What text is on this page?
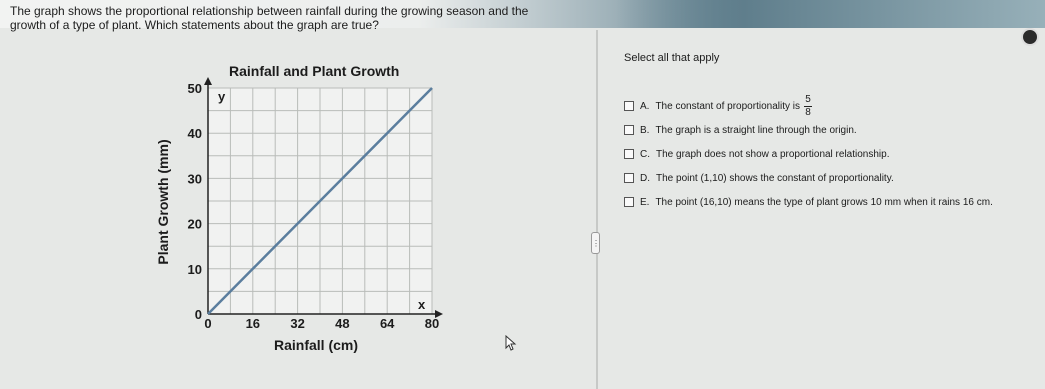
The graph shows the proportional relationship between rainfall during the growing season and the
growth of a type of plant. Which statements about the graph are true?
Rainfall and Plant Growth
0	16 32 48 64 80
0
10
20
30
40
50
Plant Growth (mm)
Rainfall (cm)
y
x
⋮
Select all that apply
A. The constant of proportionality is $\frac{5}{8}$
B. The graph is a straight line through the origin.
C. The graph does not show a proportional relationship.
D. The point (1,10) shows the constant of proportionality.
E. The point (16,10) means the type of plant grows 10 mm when it rains 16 cm.
